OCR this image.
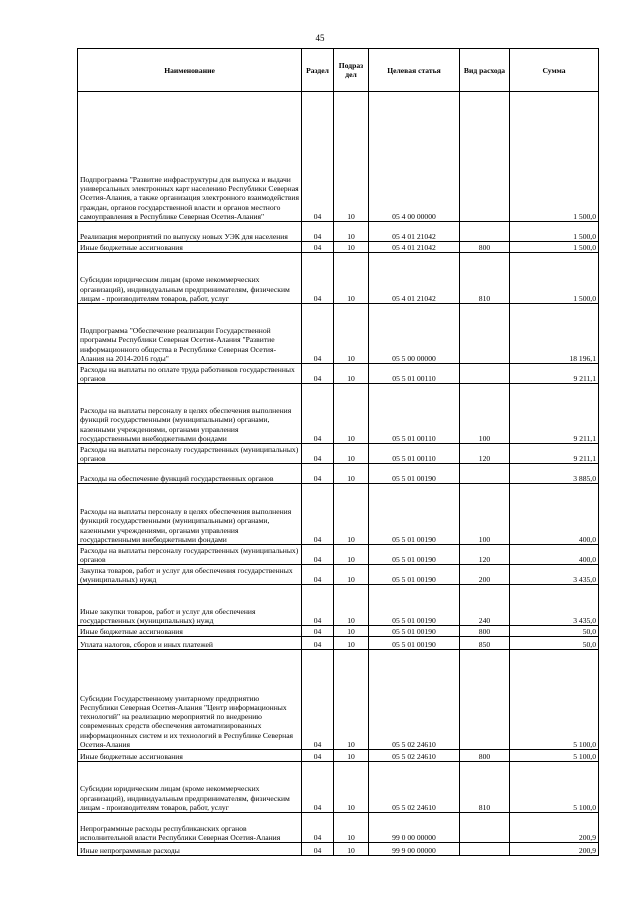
45
Наименование	Раздел	Подраз дел	Целевая статья	Вид расхода	Сумма
Подпрограмма "Развитие инфраструктуры для выпуска и выдачи универсальных электронных карт населению Республики Северная Осетия-Алания, а также организация электронного взаимодействия граждан, органов государственной власти и органов местного самоуправления в Республике Северная Осетия-Алания"	04	10	05 4 00 00000		1 500,0
Реализация мероприятий по выпуску новых УЭК для населения	04	10	05 4 01 21042		1 500,0
Иные бюджетные ассигнования	04	10	05 4 01 21042	800	1 500,0
Субсидии юридическим лицам (кроме некоммерческих организаций), индивидуальным предпринимателям, физическим лицам - производителям товаров, работ, услуг	04	10	05 4 01 21042	810	1 500,0
Подпрограмма "Обеспечение реализации Государственной программы Республики Северная Осетия-Алания "Развитие информационного общества в Республике Северная Осетия-Алания на 2014-2016 годы"	04	10	05 5 00 00000		18 196,1
Расходы на выплаты по оплате труда работников государственных органов	04	10	05 5 01 00110		9 211,1
Расходы на выплаты персоналу в целях обеспечения выполнения функций государственными (муниципальными) органами, казенными учреждениями, органами управления государственными внебюджетными фондами	04	10	05 5 01 00110	100	9 211,1
Расходы на выплаты персоналу государственных (муниципальных) органов	04	10	05 5 01 00110	120	9 211,1
Расходы на обеспечение функций государственных органов	04	10	05 5 01 00190		3 885,0
Расходы на выплаты персоналу в целях обеспечения выполнения функций государственными (муниципальными) органами, казенными учреждениями, органами управления государственными внебюджетными фондами	04	10	05 5 01 00190	100	400,0
Расходы на выплаты персоналу государственных (муниципальных) органов	04	10	05 5 01 00190	120	400,0
Закупка товаров, работ и услуг для обеспечения государственных (муниципальных) нужд	04	10	05 5 01 00190	200	3 435,0
Иные закупки товаров, работ и услуг для обеспечения государственных (муниципальных) нужд	04	10	05 5 01 00190	240	3 435,0
Иные бюджетные ассигнования	04	10	05 5 01 00190	800	50,0
Уплата налогов, сборов и иных платежей	04	10	05 5 01 00190	850	50,0
Субсидии Государственному унитарному предприятию Республики Северная Осетия-Алания "Центр информационных технологий" на реализацию мероприятий по внедрению современных средств обеспечения автоматизированных информационных систем и их технологий в Республике Северная Осетия-Алания	04	10	05 5 02 24610		5 100,0
Иные бюджетные ассигнования	04	10	05 5 02 24610	800	5 100,0
Субсидии юридическим лицам (кроме некоммерческих организаций), индивидуальным предпринимателям, физическим лицам - производителям товаров, работ, услуг	04	10	05 5 02 24610	810	5 100,0
Непрограммные расходы республиканских органов исполнительной власти Республики Северная Осетия-Алания	04	10	99 0 00 00000		200,9
Иные непрограммные расходы	04	10	99 9 00 00000		200,9
